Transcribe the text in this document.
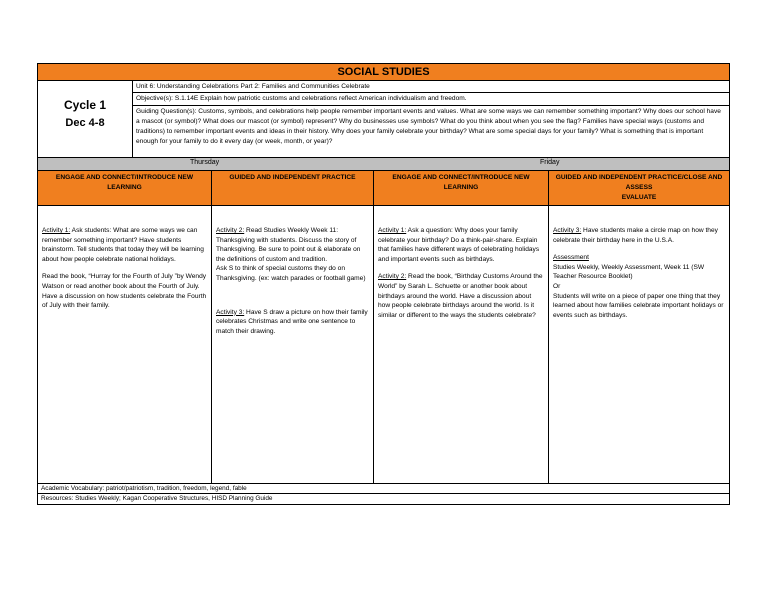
SOCIAL STUDIES
Cycle 1
Dec 4-8
Unit 6: Understanding Celebrations Part 2: Families and Communities Celebrate
Objective(s): S.1.14E Explain how patriotic customs and celebrations reflect American individualism and freedom.
Guiding Question(s): Customs, symbols, and celebrations help people remember important events and values. What are some ways we can remember something important? Why does our school have a mascot (or symbol)? What does our mascot (or symbol) represent? Why do businesses use symbols? What do you think about when you see the flag? Families have special ways (customs and traditions) to remember important events and ideas in their history. Why does your family celebrate your birthday? What are some special days for your family? What is something that is important enough for your family to do it every day (or week, month, or year)?
Thursday	Friday
ENGAGE AND CONNECT/INTRODUCE NEW LEARNING
GUIDED AND INDEPENDENT PRACTICE	ENGAGE AND CONNECT/INTRODUCE NEW LEARNING
GUIDED AND INDEPENDENT PRACTICE/CLOSE AND ASSESS
EVALUATE

Activity 1: Ask students: What are some ways we can remember something important? Have students brainstorm. Tell students that today they will be learning about how people celebrate national holidays.

Read the book, “Hurray for the Fourth of July ”by Wendy Watson or read another book about the Fourth of July. Have a discussion on how students celebrate the Fourth of July with their family.

Activity 2: Read Studies Weekly Week 11: Thanksgiving with students. Discuss the story of Thanksgiving. Be sure to point out & elaborate on the definitions of custom and tradition.

Ask S to think of special customs they do on Thanksgiving. (ex: watch parades or football game)

Activity 3: Have S draw a picture on how their family celebrates Christmas and write one sentence to match their drawing.

Activity 1: Ask a question: Why does your family celebrate your birthday? Do a think-pair-share. Explain that families have different ways of celebrating holidays and important events such as birthdays.

Activity 2: Read the book, “Birthday Customs Around the World” by Sarah L. Schuette or another book about birthdays around the world. Have a discussion about how people celebrate birthdays around the world. Is it similar or different to the ways the students celebrate?

Activity 3: Have students make a circle map on how they celebrate their birthday here in the U.S.A.

Assessment
Studies Weekly, Weekly Assessment, Week 11 (SW Teacher Resource Booklet)
Or
Students will write on a piece of paper one thing that they learned about how families celebrate important holidays or events such as birthdays.

Academic Vocabulary: patriot/patriotism, tradition, freedom, legend, fable
Resources: Studies Weekly; Kagan Cooperative Structures, HISD Planning Guide
